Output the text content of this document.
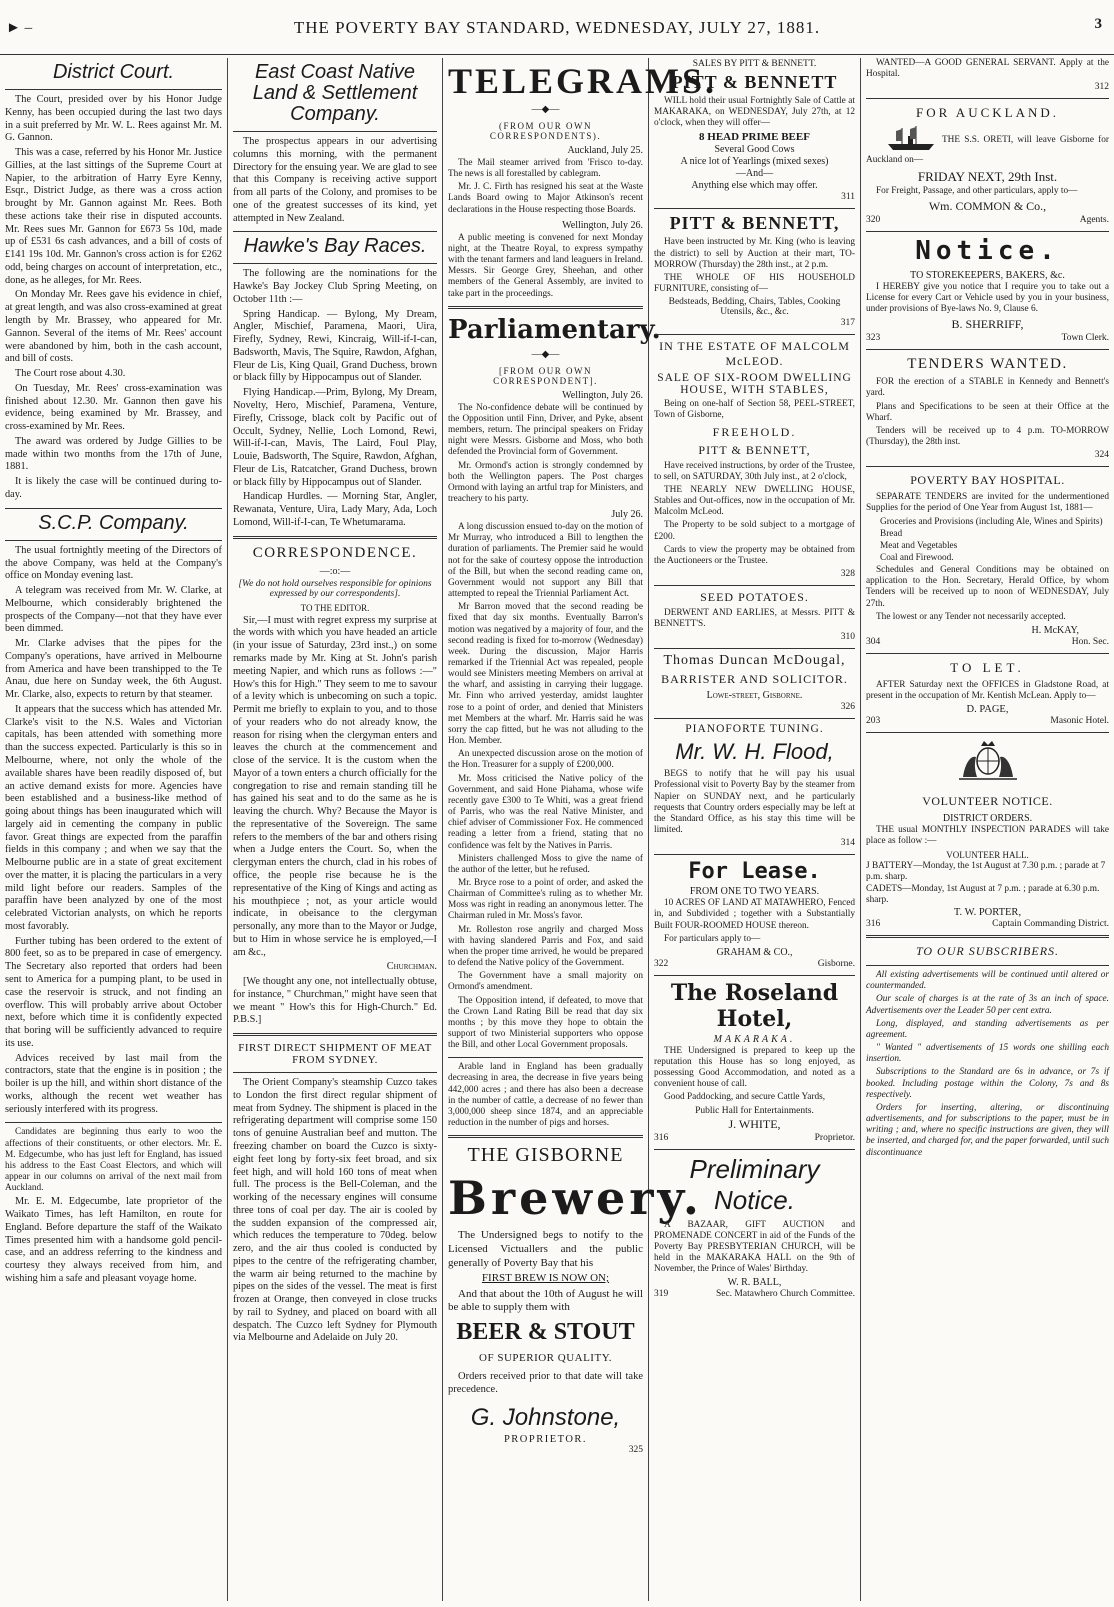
► –	THE POVERTY BAY STANDARD, WEDNESDAY, JULY 27, 1881.	3
District Court.

The Court, presided over by his Honor Judge Kenny, has been occupied during the last two days in a suit preferred by Mr. W. L. Rees against Mr. M. G. Gannon.

This was a case, referred by his Honor Mr. Justice Gillies, at the last sittings of the Supreme Court at Napier, to the arbitration of Harry Eyre Kenny, Esqr., District Judge, as there was a cross action brought by Mr. Gannon against Mr. Rees. Both these actions take their rise in disputed accounts. Mr. Rees sues Mr. Gannon for £673 5s 10d, made up of £531 6s cash advances, and a bill of costs of £141 19s 10d. Mr. Gannon's cross action is for £262 odd, being charges on account of interpretation, etc., done, as he alleges, for Mr. Rees.

On Monday Mr. Rees gave his evidence in chief, at great length, and was also cross-examined at great length by Mr. Brassey, who appeared for Mr. Gannon. Several of the items of Mr. Rees' account were abandoned by him, both in the cash account, and bill of costs.

The Court rose about 4.30.

On Tuesday, Mr. Rees' cross-examination was finished about 12.30. Mr. Gannon then gave his evidence, being examined by Mr. Brassey, and cross-examined by Mr. Rees.

The award was ordered by Judge Gillies to be made within two months from the 17th of June, 1881.

It is likely the case will be continued during to-day.

S.C.P. Company.

The usual fortnightly meeting of the Directors of the above Company, was held at the Company's office on Monday evening last.

A telegram was received from Mr. W. Clarke, at Melbourne, which considerably brightened the prospects of the Company—not that they have ever been dimmed.

Mr. Clarke advises that the pipes for the Company's operations, have arrived in Melbourne from America and have been transhipped to the Te Anau, due here on Sunday week, the 6th August. Mr. Clarke, also, expects to return by that steamer.

It appears that the success which has attended Mr. Clarke's visit to the N.S. Wales and Victorian capitals, has been attended with something more than the success expected. Particularly is this so in Melbourne, where, not only the whole of the available shares have been readily disposed of, but an active demand exists for more. Agencies have been established and a business-like method of going about things has been inaugurated which will largely aid in cementing the company in public favor. Great things are expected from the paraffin fields in this company ; and when we say that the Melbourne public are in a state of great excitement over the matter, it is placing the particulars in a very mild light before our readers. Samples of the paraffin have been analyzed by one of the most celebrated Victorian analysts, on which he reports most favorably.

Further tubing has been ordered to the extent of 800 feet, so as to be prepared in case of emergency. The Secretary also reported that orders had been sent to America for a pumping plant, to be used in case the reservoir is struck, and not finding an overflow. This will probably arrive about October next, before which time it is confidently expected that boring will be sufficiently advanced to require its use.

Advices received by last mail from the contractors, state that the engine is in position ; the boiler is up the hill, and within short distance of the works, although the recent wet weather has seriously interfered with its progress.

Candidates are beginning thus early to woo the affections of their constituents, or other electors. Mr. E. M. Edgecumbe, who has just left for England, has issued his address to the East Coast Electors, and which will appear in our columns on arrival of the next mail from Auckland.

Mr. E. M. Edgecumbe, late proprietor of the Waikato Times, has left Hamilton, en route for England. Before departure the staff of the Waikato Times presented him with a handsome gold pencil-case, and an address referring to the kindness and courtesy they always received from him, and wishing him a safe and pleasant voyage home.

East Coast Native Land & Settlement Company.

The prospectus appears in our advertising columns this morning, with the permanent Directory for the ensuing year. We are glad to see that this Company is receiving active support from all parts of the Colony, and promises to be one of the greatest successes of its kind, yet attempted in New Zealand.

Hawke's Bay Races.

The following are the nominations for the Hawke's Bay Jockey Club Spring Meeting, on October 11th :—

Spring Handicap. — Bylong, My Dream, Angler, Mischief, Paramena, Maori, Uira, Firefly, Sydney, Rewi, Kincraig, Will-if-I-can, Badsworth, Mavis, The Squire, Rawdon, Afghan, Fleur de Lis, King Quail, Grand Duchess, brown or black filly by Hippocampus out of Slander.

Flying Handicap.—Prim, Bylong, My Dream, Novelty, Hero, Mischief, Paramena, Venture, Firefly, Crissoge, black colt by Pacific out of Occult, Sydney, Nellie, Loch Lomond, Rewi, Will-if-I-can, Mavis, The Laird, Foul Play, Louie, Badsworth, The Squire, Rawdon, Afghan, Fleur de Lis, Ratcatcher, Grand Duchess, brown or black filly by Hippocampus out of Slander.

Handicap Hurdles. — Morning Star, Angler, Rewanata, Venture, Uira, Lady Mary, Ada, Loch Lomond, Will-if-I-can, Te Whetumarama.

CORRESPONDENCE.
—:o:—
[We do not hold ourselves responsible for opinions expressed by our correspondents].
TO THE EDITOR.

Sir,—I must with regret express my surprise at the words with which you have headed an article (in your issue of Saturday, 23rd inst.,) on some remarks made by Mr. King at St. John's parish meeting Napier, and which runs as follows :—" How's this for High." They seem to me to savour of a levity which is unbecoming on such a topic. Permit me briefly to explain to you, and to those of your readers who do not already know, the reason for rising when the clergyman enters and leaves the church at the commencement and close of the service. It is the custom when the Mayor of a town enters a church officially for the congregation to rise and remain standing till he has gained his seat and to do the same as he is leaving the church. Why? Because the Mayor is the representative of the Sovereign. The same refers to the members of the bar and others rising when a Judge enters the Court. So, when the clergyman enters the church, clad in his robes of office, the people rise because he is the representative of the King of Kings and acting as his mouthpiece ; not, as your article would indicate, in obeisance to the clergyman personally, any more than to the Mayor or Judge, but to Him in whose service he is employed,—I am &c.,

Churchman.

[We thought any one, not intellectually obtuse, for instance, " Churchman," might have seen that we meant " How's this for High-Church." Ed. P.B.S.]

FIRST DIRECT SHIPMENT OF MEAT FROM SYDNEY.

The Orient Company's steamship Cuzco takes to London the first direct regular shipment of meat from Sydney. The shipment is placed in the refrigerating department will comprise some 150 tons of genuine Australian beef and mutton. The freezing chamber on board the Cuzco is sixty-eight feet long by forty-six feet broad, and six feet high, and will hold 160 tons of meat when full. The process is the Bell-Coleman, and the working of the necessary engines will consume three tons of coal per day. The air is cooled by the sudden expansion of the compressed air, which reduces the temperature to 70deg. below zero, and the air thus cooled is conducted by pipes to the centre of the refrigerating chamber, the warm air being returned to the machine by pipes on the sides of the vessel. The meat is first frozen at Orange, then conveyed in close trucks by rail to Sydney, and placed on board with all despatch. The Cuzco left Sydney for Plymouth via Melbourne and Adelaide on July 20.

TELEGRAMS.
—◆—
(FROM OUR OWN CORRESPONDENTS).
Auckland, July 25.

The Mail steamer arrived from 'Frisco to-day. The news is all forestalled by cablegram.

Mr. J. C. Firth has resigned his seat at the Waste Lands Board owing to Major Atkinson's recent declarations in the House respecting those Boards.

Wellington, July 26.

A public meeting is convened for next Monday night, at the Theatre Royal, to express sympathy with the tenant farmers and land leaguers in Ireland. Messrs. Sir George Grey, Sheehan, and other members of the General Assembly, are invited to take part in the proceedings.

Parliamentary.
—◆—
[FROM OUR OWN CORRESPONDENT].
Wellington, July 26.

The No-confidence debate will be continued by the Opposition until Finn, Driver, and Pyke, absent members, return. The principal speakers on Friday night were Messrs. Gisborne and Moss, who both defended the Provincial form of Government.

Mr. Ormond's action is strongly condemned by both the Wellington papers. The Post charges Ormond with laying an artful trap for Ministers, and treachery to his party.

July 26.

A long discussion ensued to-day on the motion of Mr Murray, who introduced a Bill to lengthen the duration of parliaments. The Premier said he would not for the sake of courtesy oppose the introduction of the Bill, but when the second reading came on, Government would not support any Bill that attempted to repeal the Triennial Parliament Act.

Mr Barron moved that the second reading be fixed that day six months. Eventually Barron's motion was negatived by a majority of four, and the second reading is fixed for to-morrow (Wednesday) week. During the discussion, Major Harris remarked if the Triennial Act was repealed, people would see Ministers meeting Members on arrival at the wharf, and assisting in carrying their luggage. Mr. Finn who arrived yesterday, amidst laughter rose to a point of order, and denied that Ministers met Members at the wharf. Mr. Harris said he was sorry the cap fitted, but he was not alluding to the Hon. Member.

An unexpected discussion arose on the motion of the Hon. Treasurer for a supply of £200,000.

Mr. Moss criticised the Native policy of the Government, and said Hone Piahama, whose wife recently gave £300 to Te Whiti, was a great friend of Parris, who was the real Native Minister, and chief adviser of Commissioner Fox. He commenced reading a letter from a friend, stating that no confidence was felt by the Natives in Parris.

Ministers challenged Moss to give the name of the author of the letter, but he refused.

Mr. Bryce rose to a point of order, and asked the Chairman of Committee's ruling as to whether Mr. Moss was right in reading an anonymous letter. The Chairman ruled in Mr. Moss's favor.

Mr. Rolleston rose angrily and charged Moss with having slandered Parris and Fox, and said when the proper time arrived, he would be prepared to defend the Native policy of the Government.

The Government have a small majority on Ormond's amendment.

The Opposition intend, if defeated, to move that the Crown Land Rating Bill be read that day six months ; by this move they hope to obtain the support of two Ministerial supporters who oppose the Bill, and other Local Government proposals.

Arable land in England has been gradually decreasing in area, the decrease in five years being 442,000 acres ; and there has also been a decrease in the number of cattle, a decrease of no fewer than 3,000,000 sheep since 1874, and an appreciable reduction in the number of pigs and horses.

THE GISBORNE
Brewery.

The Undersigned begs to notify to the Licensed Victuallers and the public generally of Poverty Bay that his

FIRST BREW IS NOW ON;

And that about the 10th of August he will be able to supply them with

BEER & STOUT
OF SUPERIOR QUALITY.

Orders received prior to that date will take precedence.

G. Johnstone,
PROPRIETOR.
325
SALES BY PITT & BENNETT.
PITT & BENNETT

WILL hold their usual Fortnightly Sale of Cattle at MAKARAKA, on WEDNESDAY, July 27th, at 12 o'clock, when they will offer—

8 HEAD PRIME BEEF
Several Good Cows
A nice lot of Yearlings (mixed sexes)
—And—
Anything else which may offer.
311
PITT & BENNETT,

Have been instructed by Mr. King (who is leaving the district) to sell by Auction at their mart, TO-MORROW (Thursday) the 28th inst., at 2 p.m.

THE WHOLE OF HIS HOUSEHOLD FURNITURE, consisting of—

Bedsteads, Bedding, Chairs, Tables, Cooking Utensils, &c., &c.
317
IN THE ESTATE OF MALCOLM McLEOD.
SALE OF SIX-ROOM DWELLING HOUSE, WITH STABLES,

Being on one-half of Section 58, PEEL-STREET, Town of Gisborne,

FREEHOLD.
PITT & BENNETT,

Have received instructions, by order of the Trustee, to sell, on SATURDAY, 30th July inst., at 2 o'clock,

THE NEARLY NEW DWELLING HOUSE, Stables and Out-offices, now in the occupation of Mr. Malcolm McLeod.

The Property to be sold subject to a mortgage of £200.

Cards to view the property may be obtained from the Auctioneers or the Trustee.

328
SEED POTATOES.

DERWENT AND EARLIES, at Messrs. PITT & BENNETT'S.

310
Thomas Duncan McDougal,
BARRISTER AND SOLICITOR.
Lowe-street, Gisborne.
326
PIANOFORTE TUNING.
Mr. W. H. Flood,

BEGS to notify that he will pay his usual Professional visit to Poverty Bay by the steamer from Napier on SUNDAY next, and he particularly requests that Country orders especially may be left at the Standard Office, as his stay this time will be limited.

314
For Lease.
FROM ONE TO TWO YEARS.

10 ACRES OF LAND AT MATAWHERO, Fenced in, and Subdivided ; together with a Substantially Built FOUR-ROOMED HOUSE thereon.

For particulars apply to—

GRAHAM & CO.,
322	Gisborne.
The Roseland Hotel,
MAKARAKA.

THE Undersigned is prepared to keep up the reputation this House has so long enjoyed, as possessing Good Accommodation, and noted as a convenient house of call.

Good Paddocking, and secure Cattle Yards,

Public Hall for Entertainments.
J. WHITE,
316	Proprietor.
Preliminary Notice.

A BAZAAR, GIFT AUCTION and PROMENADE CONCERT in aid of the Funds of the Poverty Bay PRESBYTERIAN CHURCH, will be held in the MAKARAKA HALL on the 9th of November, the Prince of Wales' Birthday.

W. R. BALL,
319	Sec. Matawhero Church Committee.

WANTED—A GOOD GENERAL SERVANT. Apply at the Hospital.

312
FOR AUCKLAND.

THE S.S. ORETI, will leave Gisborne for Auckland on—

FRIDAY NEXT, 29th Inst.

For Freight, Passage, and other particulars, apply to—

Wm. COMMON & Co.,
320	Agents.
Notice.
TO STOREKEEPERS, BAKERS, &c.

I HEREBY give you notice that I require you to take out a License for every Cart or Vehicle used by you in your business, under provisions of Bye-laws No. 9, Clause 6.

B. SHERRIFF,
323	Town Clerk.
TENDERS WANTED.

FOR the erection of a STABLE in Kennedy and Bennett's yard.

Plans and Specifications to be seen at their Office at the Wharf.

Tenders will be received up to 4 p.m. TO-MORROW (Thursday), the 28th inst.

324
POVERTY BAY HOSPITAL.

SEPARATE TENDERS are invited for the undermentioned Supplies for the period of One Year from August 1st, 1881—

Groceries and Provisions (including Ale, Wines and Spirits)
Bread
Meat and Vegetables
Coal and Firewood.

Schedules and General Conditions may be obtained on application to the Hon. Secretary, Herald Office, by whom Tenders will be received up to noon of WEDNESDAY, July 27th.

The lowest or any Tender not necessarily accepted.

H. McKAY,
304	Hon. Sec.
TO LET.

AFTER Saturday next the OFFICES in Gladstone Road, at present in the occupation of Mr. Kentish McLean. Apply to—

D. PAGE,
203	Masonic Hotel.
VOLUNTEER NOTICE.
DISTRICT ORDERS.

THE usual MONTHLY INSPECTION PARADES will take place as follow :—

VOLUNTEER HALL.
J BATTERY—Monday, the 1st August at 7.30 p.m. ; parade at 7 p.m. sharp.
CADETS—Monday, 1st August at 7 p.m. ; parade at 6.30 p.m. sharp.
T. W. PORTER,
316	Captain Commanding District.
TO OUR SUBSCRIBERS.

All existing advertisements will be continued until altered or countermanded.

Our scale of charges is at the rate of 3s an inch of space. Advertisements over the Leader 50 per cent extra.

Long, displayed, and standing advertisements as per agreement.

" Wanted " advertisements of 15 words one shilling each insertion.

Subscriptions to the Standard are 6s in advance, or 7s if booked. Including postage within the Colony, 7s and 8s respectively.

Orders for inserting, altering, or discontinuing advertisements, and for subscriptions to the paper, must be in writing ; and, where no specific instructions are given, they will be inserted, and charged for, and the paper forwarded, until such discontinuance
